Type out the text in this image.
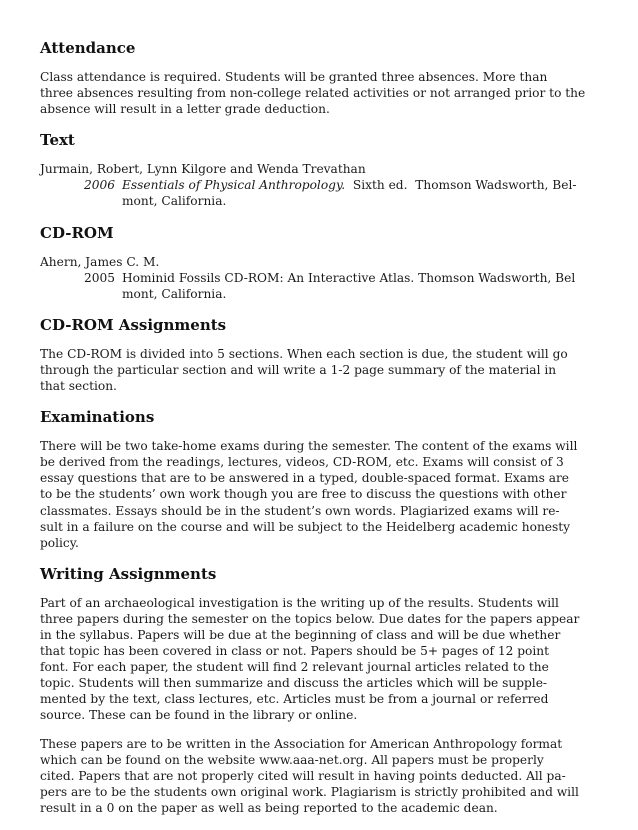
Attendance
Class attendance is required. Students will be granted three absences. More than
three absences resulting from non-college related activities or not arranged prior to the
absence will result in a letter grade deduction.
Text
Jurmain, Robert, Lynn Kilgore and Wenda Trevathan
2006 Essentials of Physical Anthropology.  Sixth ed.  Thomson Wadsworth, Bel-
mont, California.
CD-ROM
Ahern, James C. M.
2005 Hominid Fossils CD-ROM: An Interactive Atlas. Thomson Wadsworth, Bel
mont, California.
CD-ROM Assignments
The CD-ROM is divided into 5 sections. When each section is due, the student will go
through the particular section and will write a 1-2 page summary of the material in
that section.
Examinations
There will be two take-home exams during the semester. The content of the exams will
be derived from the readings, lectures, videos, CD-ROM, etc. Exams will consist of 3
essay questions that are to be answered in a typed, double-spaced format. Exams are
to be the students’ own work though you are free to discuss the questions with other
classmates. Essays should be in the student’s own words. Plagiarized exams will re-
sult in a failure on the course and will be subject to the Heidelberg academic honesty
policy.
Writing Assignments
Part of an archaeological investigation is the writing up of the results. Students will
three papers during the semester on the topics below. Due dates for the papers appear
in the syllabus. Papers will be due at the beginning of class and will be due whether
that topic has been covered in class or not. Papers should be 5+ pages of 12 point
font. For each paper, the student will find 2 relevant journal articles related to the
topic. Students will then summarize and discuss the articles which will be supple-
mented by the text, class lectures, etc. Articles must be from a journal or referred
source. These can be found in the library or online.
These papers are to be written in the Association for American Anthropology format
which can be found on the website www.aaa-net.org. All papers must be properly
cited. Papers that are not properly cited will result in having points deducted. All pa-
pers are to be the students own original work. Plagiarism is strictly prohibited and will
result in a 0 on the paper as well as being reported to the academic dean.
